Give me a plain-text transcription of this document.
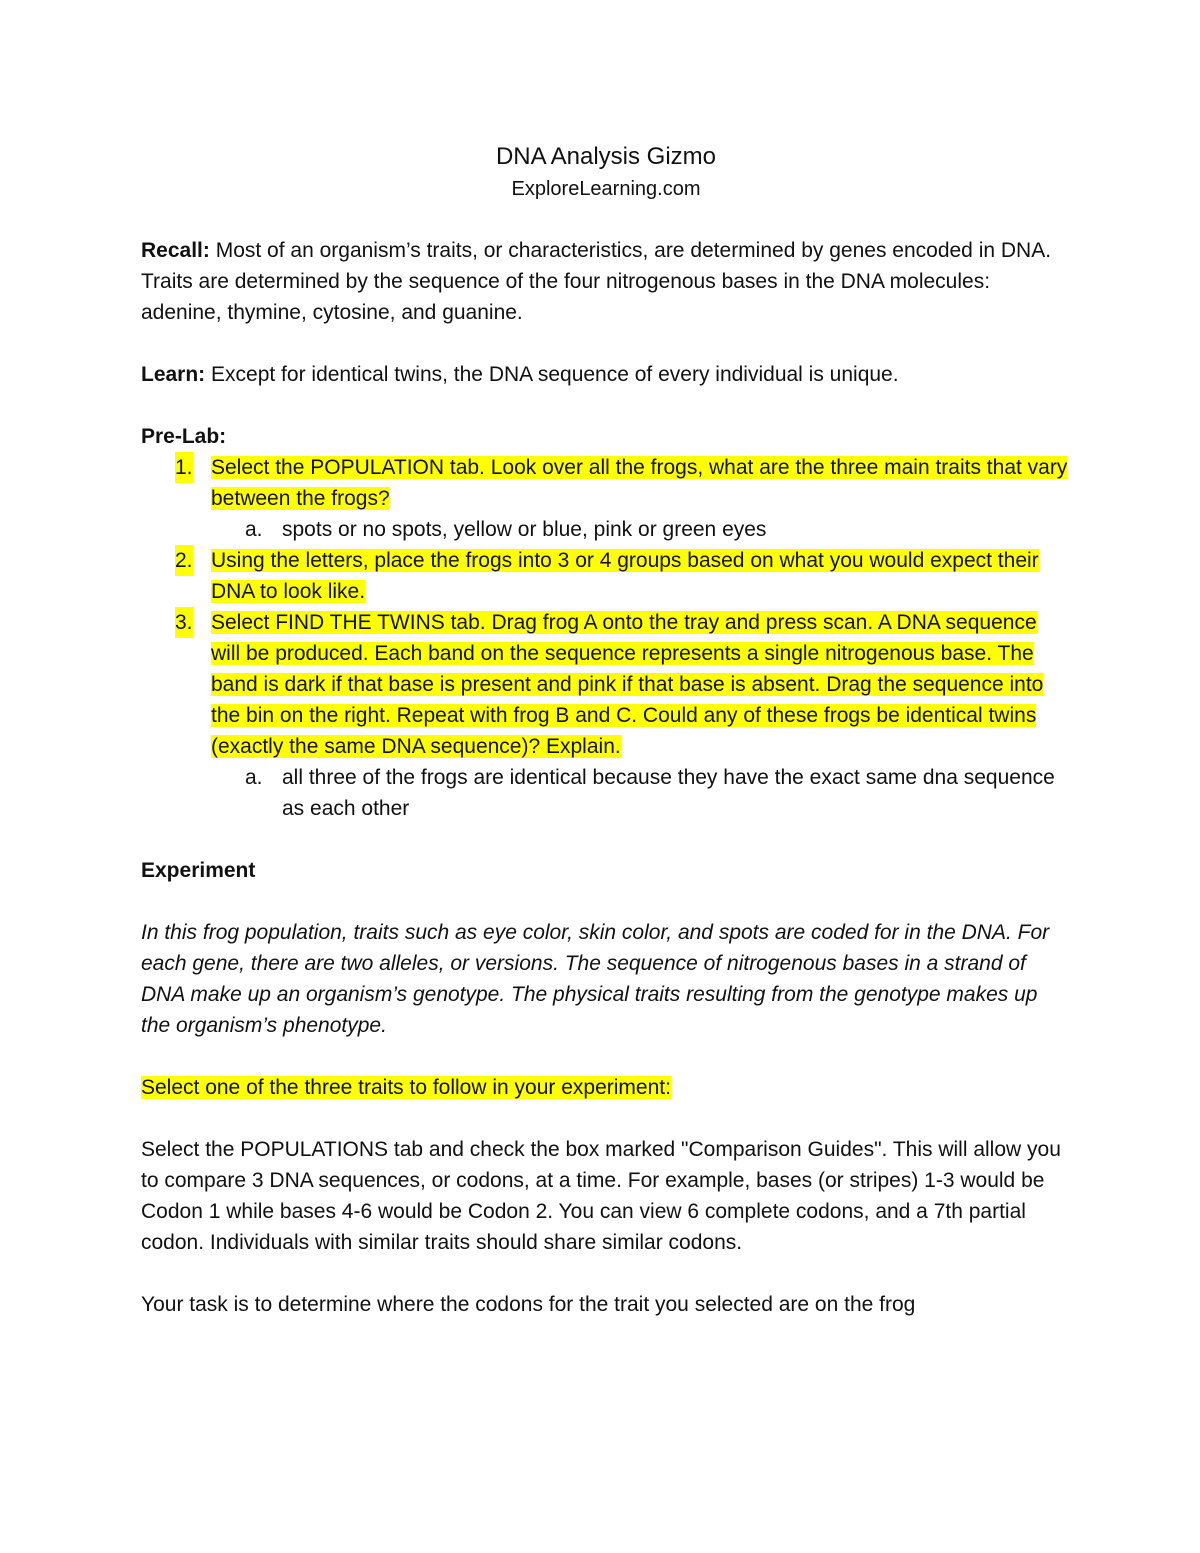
DNA Analysis Gizmo

ExploreLearning.com

Recall: Most of an organism’s traits, or characteristics, are determined by genes encoded in DNA. Traits are determined by the sequence of the four nitrogenous bases in the DNA molecules: adenine, thymine, cytosine, and guanine.

Learn: Except for identical twins, the DNA sequence of every individual is unique.

Pre-Lab:

1. Select the POPULATION tab. Look over all the frogs, what are the three main traits that vary between the frogs?
a. spots or no spots, yellow or blue, pink or green eyes
2. Using the letters, place the frogs into 3 or 4 groups based on what you would expect their DNA to look like.
3. Select FIND THE TWINS tab. Drag frog A onto the tray and press scan. A DNA sequence will be produced. Each band on the sequence represents a single nitrogenous base. The band is dark if that base is present and pink if that base is absent. Drag the sequence into the bin on the right. Repeat with frog B and C. Could any of these frogs be identical twins (exactly the same DNA sequence)? Explain.
a. all three of the frogs are identical because they have the exact same dna sequence as each other

Experiment

In this frog population, traits such as eye color, skin color, and spots are coded for in the DNA. For each gene, there are two alleles, or versions. The sequence of nitrogenous bases in a strand of DNA make up an organism’s genotype. The physical traits resulting from the genotype makes up the organism’s phenotype.

Select one of the three traits to follow in your experiment:

Select the POPULATIONS tab and check the box marked "Comparison Guides". This will allow you to compare 3 DNA sequences, or codons, at a time. For example, bases (or stripes) 1-3 would be Codon 1 while bases 4-6 would be Codon 2. You can view 6 complete codons, and a 7th partial codon. Individuals with similar traits should share similar codons.

Your task is to determine where the codons for the trait you selected are on the frog
